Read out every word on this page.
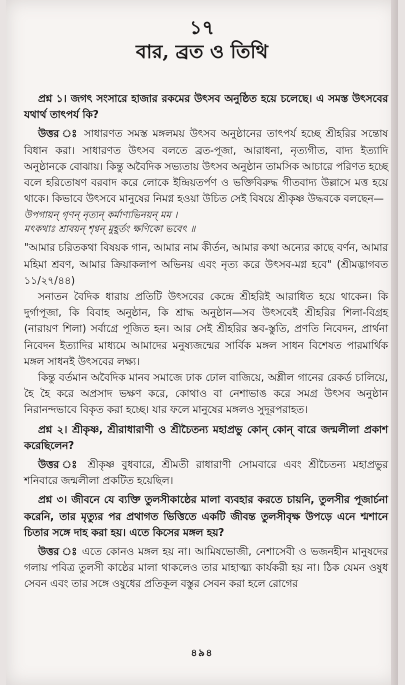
১৭
বার, ব্রত ও তিথি

প্রশ্ন ১। জগৎ সংসারে হাজার রকমের উৎসব অনুষ্ঠিত হয়ে চলেছে। এ সমস্ত উৎসবের যথার্থ তাৎপর্য কি?

উত্তর ঃ সাধারণত সমস্ত মঙ্গলময় উৎসব অনুষ্ঠানের তাৎপর্য হচ্ছে শ্রীহরির সন্তোষ বিধান করা। সাধারণত উৎসব বলতে ব্রত-পূজা, আরাধনা, নৃত্যগীত, বাদ্য ইত্যাদি অনুষ্ঠানকে বোঝায়। কিন্তু অবৈদিক সভ্যতায় উৎসব অনুষ্ঠান তামসিক আচারে পরিণত হচ্ছে বলে হরিতোষণ বরবাদ করে লোকে ইন্দ্রিয়তর্পণ ও ভক্তিবিরুদ্ধ গীতবাদ্য উল্লাসে মত্ত হয়ে থাকে। কিভাবে উৎসবে মানুষের নিমগ্ন হওয়া উচিত সেই বিষয়ে শ্রীকৃষ্ণ উদ্ধবকে বলছেন—

উপগায়ন্ গৃণন্ নৃত্যন্ কর্মাণ্যভিনয়ন্ মম ।
মৎকথাঃ শ্রাবয়ন্ শৃণ্বন্ মুহূর্তং ক্ষণিকো ভবেৎ ॥

"আমার চরিতকথা বিষয়ক গান, আমার নাম কীর্তন, আমার কথা অন্যের কাছে বর্ণন, আমার মহিমা শ্রবণ, আমার ক্রিয়াকলাপ অভিনয় এবং নৃত্য করে উৎসব-মগ্ন হবে" (শ্রীমদ্ভাগবত ১১/২৭/৪৪)

সনাতন বৈদিক ধারায় প্রতিটি উৎসবের কেন্দ্রে শ্রীহরিই আরাধিত হয়ে থাকেন। কি দুর্গাপূজা, কি বিবাহ অনুষ্ঠান, কি শ্রাদ্ধ অনুষ্ঠান—সব উৎসবেই শ্রীহরির শিলা-বিগ্রহ (নারায়ণ শিলা) সর্বাগ্রে পূজিত হন। আর সেই শ্রীহরির স্তব-স্তুতি, প্রণতি নিবেদন, প্রার্থনা নিবেদন ইত্যাদির মাধ্যমে আমাদের মনুষ্যজন্মের সার্বিক মঙ্গল সাধন বিশেষত পারমার্থিক মঙ্গল সাধনই উৎসবের লক্ষ্য।

কিন্তু বর্তমান অবৈদিক মানব সমাজে ঢাক ঢোল বাজিয়ে, অশ্লীল গানের রেকর্ড চালিয়ে, হৈ হৈ করে অপ্রসাদ ভক্ষণ করে, কোথাও বা নেশাভাঙ করে সমগ্র উৎসব অনুষ্ঠান নিরানন্দভাবে বিকৃত করা হচ্ছে। যার ফলে মানুষের মঙ্গলও সুদূরপরাহত।

প্রশ্ন ২। শ্রীকৃষ্ণ, শ্রীরাধারাণী ও শ্রীচৈতন্য মহাপ্রভু কোন্ কোন্ বারে জন্মলীলা প্রকাশ করেছিলেন?

উত্তর ঃ শ্রীকৃষ্ণ বুধবারে, শ্রীমতী রাধারাণী সোমবারে এবং শ্রীচৈতন্য মহাপ্রভুর শনিবারে জন্মলীলা প্রকটিত হয়েছিল।

প্রশ্ন ৩। জীবনে যে ব্যক্তি তুলসীকাষ্ঠের মালা ব্যবহার করতে চায়নি, তুলসীর পূজার্চনা করেনি, তার মৃত্যুর পর প্রথাগত ভিত্তিতে একটি জীবন্ত তুলসীবৃক্ষ উপড়ে এনে শ্মশানে চিতার সঙ্গে দাহ করা হয়। এতে কিসের মঙ্গল হয়?

উত্তর ঃ এতে কোনও মঙ্গল হয় না। আমিষভোজী, নেশাসেবী ও ভজনহীন মানুষদের গলায় পবিত্র তুলসী কাষ্ঠের মালা থাকলেও তার মাহাত্ম্য কার্যকরী হয় না। ঠিক যেমন ওষুধ সেবন এবং তার সঙ্গে ওষুধের প্রতিকূল বস্তুর সেবন করা হলে রোগের

৪৯৪
